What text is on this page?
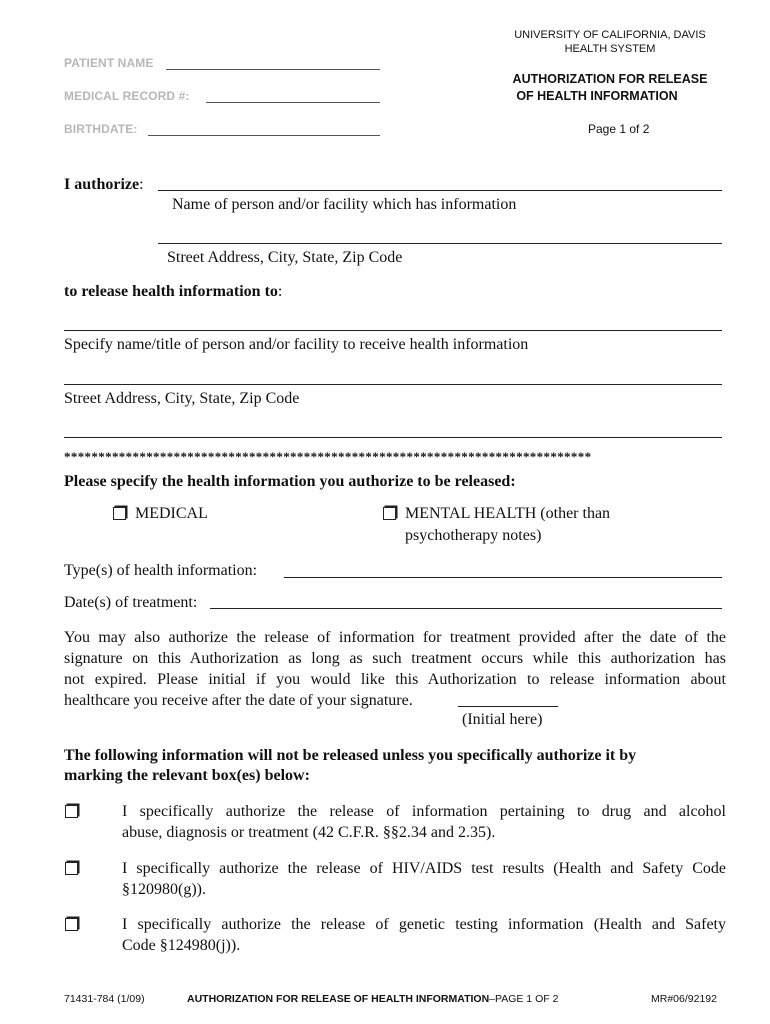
PATIENT NAME
MEDICAL RECORD #:
BIRTHDATE:
UNIVERSITY OF CALIFORNIA, DAVIS
HEALTH SYSTEM
AUTHORIZATION FOR RELEASE
OF HEALTH INFORMATION
Page 1 of 2
I authorize:
Name of person and/or facility which has information
Street Address, City, State, Zip Code
to release health information to:
Specify name/title of person and/or facility to receive health information
Street Address, City, State, Zip Code
*****************************************************************************
Please specify the health information you authorize to be released:
MEDICAL	MENTAL HEALTH (other than
psychotherapy notes)
Type(s) of health information:
Date(s) of treatment:
You may also authorize the release of information for treatment provided after the date of the
signature on this Authorization as long as such treatment occurs while this authorization has
not expired. Please initial if you would like this Authorization to release information about
healthcare you receive after the date of your signature.
(Initial here)
The following information will not be released unless you specifically authorize it by
marking the relevant box(es) below:
I specifically authorize the release of information pertaining to drug and alcohol
abuse, diagnosis or treatment (42 C.F.R. §§2.34 and 2.35).
I specifically authorize the release of HIV/AIDS test results (Health and Safety Code
§120980(g)).
I specifically authorize the release of genetic testing information (Health and Safety
Code §124980(j)).
71431-784 (1/09)	AUTHORIZATION FOR RELEASE OF HEALTH INFORMATION–PAGE 1 OF 2	MR#06/92192
